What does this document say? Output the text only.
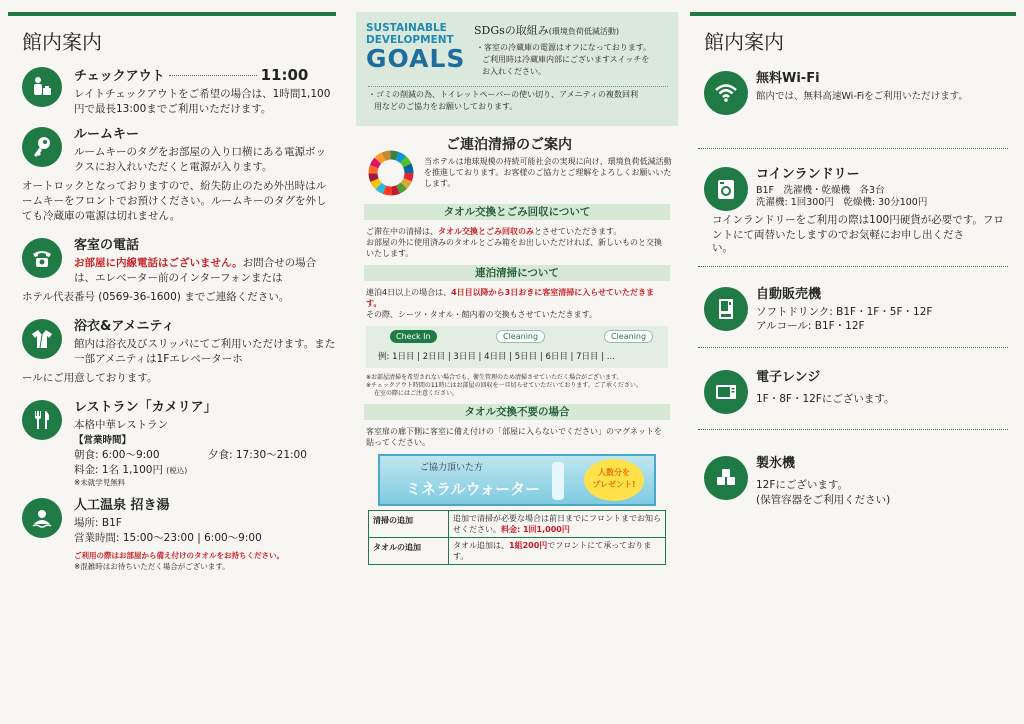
館内案内
チェックアウト	11:00
レイトチェックアウトをご希望の場合は、1時間1,100円で最長13:00までご利用いただけます。
ルームキー
ルームキーのタグをお部屋の入り口横にある電源ボックスにお入れいただくと電源が入ります。
オートロックとなっておりますので、紛失防止のため外出時はルームキーをフロントでお預けください。ルームキーのタグを外しても冷蔵庫の電源は切れません。
客室の電話
お部屋に内線電話はございません。お問合せの場合は、エレベーター前のインターフォンまたは
ホテル代表番号 (0569-36-1600) までご連絡ください。
浴衣&アメニティ
館内は浴衣及びスリッパにてご利用いただけます。また一部アメニティは1Fエレベーターホ
ールにご用意しております。
レストラン「カメリア」
本格中華レストラン
【営業時間】
朝食: 6:00～9:00	夕食: 17:30～21:00
料金: 1名 1,100円 (税込)
※未就学児無料
人工温泉 招き湯
場所: B1F
営業時間: 15:00～23:00 | 6:00～9:00
ご利用の際はお部屋から備え付けのタオルをお持ちください。
※混雑時はお待ちいただく場合がございます。
SUSTAINABLE
DEVELOPMENT
GOALS
SDGsの取組み(環境負荷低減活動)
・客室の冷蔵庫の電源はオフになっております。
ご利用時は冷蔵庫内部にございますスイッチを
お入れください。
・ゴミの削減の為、トイレットペーパーの使い切り、アメニティの複数回利
用などのご協力をお願いしております。
ご連泊清掃のご案内
当ホテルは地球規模の持続可能社会の実現に向け、環境負荷低減活動を推進しております。お客様のご協力とご理解をよろしくお願いいたします。
タオル交換とごみ回収について
ご滞在中の清掃は、タオル交換とごみ回収のみとさせていただきます。
お部屋の外に使用済みのタオルとごみ箱をお出しいただければ、新しいものと交換いたします。
連泊清掃について
連泊4日以上の場合は、4日目以降から3日おきに客室清掃に入らせていただきます。
その際、シーツ・タオル・館内着の交換もさせていただきます。
Check In	Cleaning	Cleaning
例: 1日目 | 2日目 | 3日目 | 4日目 | 5日目 | 6日目 | 7日目 | ...
※お部屋清掃を希望されない場合でも、衛生管理のため清掃させていただく場合がございます。
※チェックアウト時間の11時にはお部屋の回収を一旦切らせていただいております。ご了承ください。
在室の際にはご注意ください。
タオル交換不要の場合
客室扉の廊下側に客室に備え付けの「部屋に入らないでください」のマグネットを貼ってください。
ご協力頂いた方
ミネラルウォーター
人数分を
プレゼント!
清掃の追加	追加で清掃が必要な場合は前日までにフロントまでお知らせください。料金: 1回1,000円
タオルの追加	タオル追加は、1組200円でフロントにて承っております。
館内案内
無料Wi-Fi
館内では、無料高速Wi-Fiをご利用いただけます。
コインランドリー
B1F　洗濯機・乾燥機　各3台
洗濯機: 1回300円　乾燥機: 30分100円
コインランドリーをご利用の際は100円硬貨が必要です。フロントにて両替いたしますのでお気軽にお申し出くださ
い。
自動販売機
ソフトドリンク: B1F・1F・5F・12F
アルコール: B1F・12F
電子レンジ
1F・8F・12Fにございます。
製氷機
12Fにございます。
(保管容器をご利用ください)
